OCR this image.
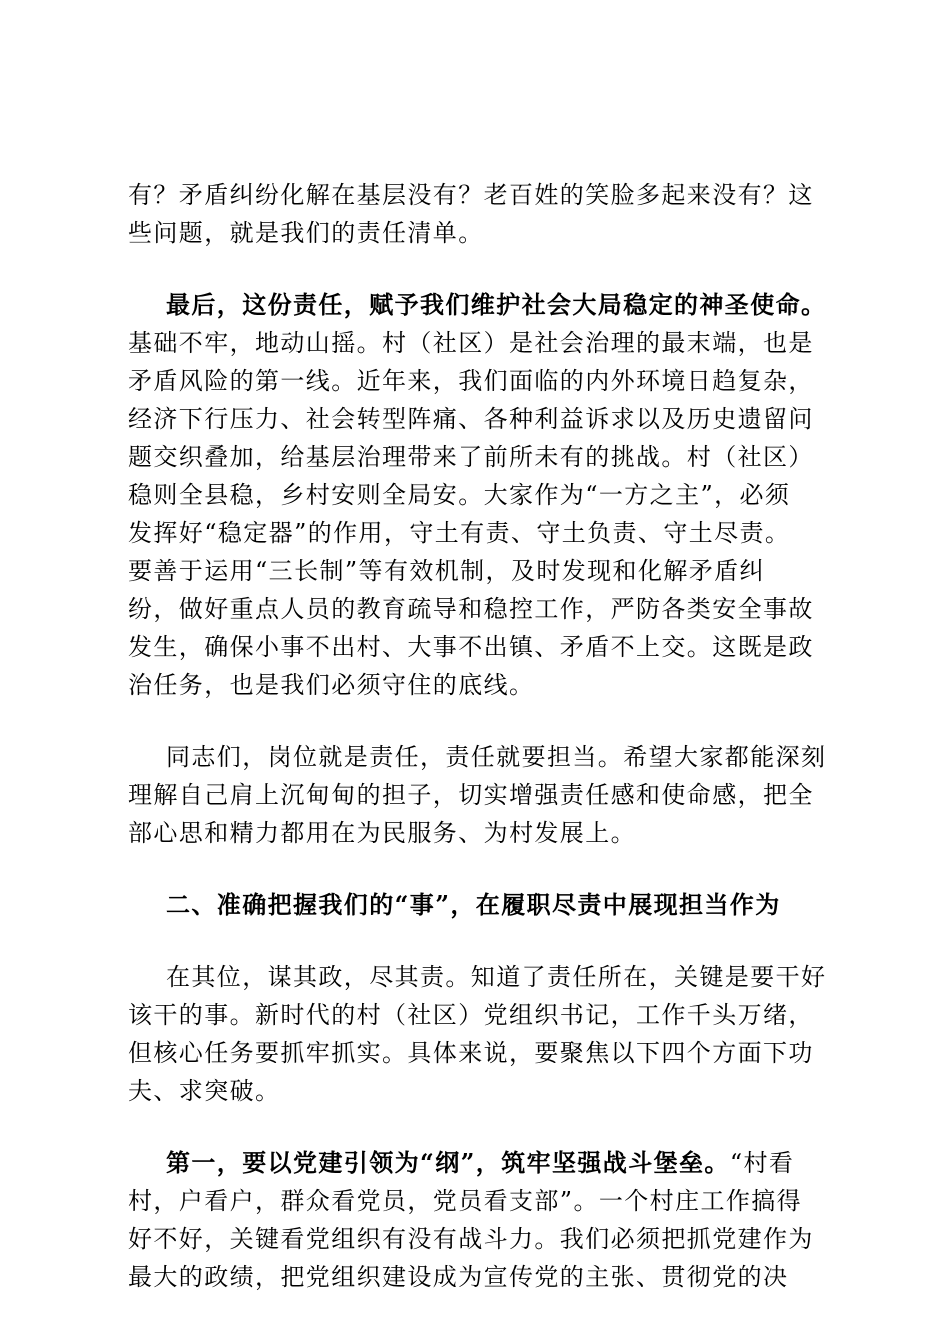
有？矛盾纠纷化解在基层没有？老百姓的笑脸多起来没有？这
些问题，就是我们的责任清单。
最后，这份责任，赋予我们维护社会大局稳定的神圣使命。
基础不牢，地动山摇。村（社区）是社会治理的最末端，也是
矛盾风险的第一线。近年来，我们面临的内外环境日趋复杂，
经济下行压力、社会转型阵痛、各种利益诉求以及历史遗留问
题交织叠加，给基层治理带来了前所未有的挑战。村（社区）
稳则全县稳，乡村安则全局安。大家作为“一方之主”，必须
发挥好“稳定器”的作用，守土有责、守土负责、守土尽责。
要善于运用“三长制”等有效机制，及时发现和化解矛盾纠
纷，做好重点人员的教育疏导和稳控工作，严防各类安全事故
发生，确保小事不出村、大事不出镇、矛盾不上交。这既是政
治任务，也是我们必须守住的底线。
同志们，岗位就是责任，责任就要担当。希望大家都能深刻
理解自己肩上沉甸甸的担子，切实增强责任感和使命感，把全
部心思和精力都用在为民服务、为村发展上。
二、准确把握我们的“事”，在履职尽责中展现担当作为
在其位，谋其政，尽其责。知道了责任所在，关键是要干好
该干的事。新时代的村（社区）党组织书记，工作千头万绪，
但核心任务要抓牢抓实。具体来说，要聚焦以下四个方面下功
夫、求突破。
第一，要以党建引领为“纲”，筑牢坚强战斗堡垒。“村看
村，户看户，群众看党员，党员看支部”。一个村庄工作搞得
好不好，关键看党组织有没有战斗力。我们必须把抓党建作为
最大的政绩，把党组织建设成为宣传党的主张、贯彻党的决
